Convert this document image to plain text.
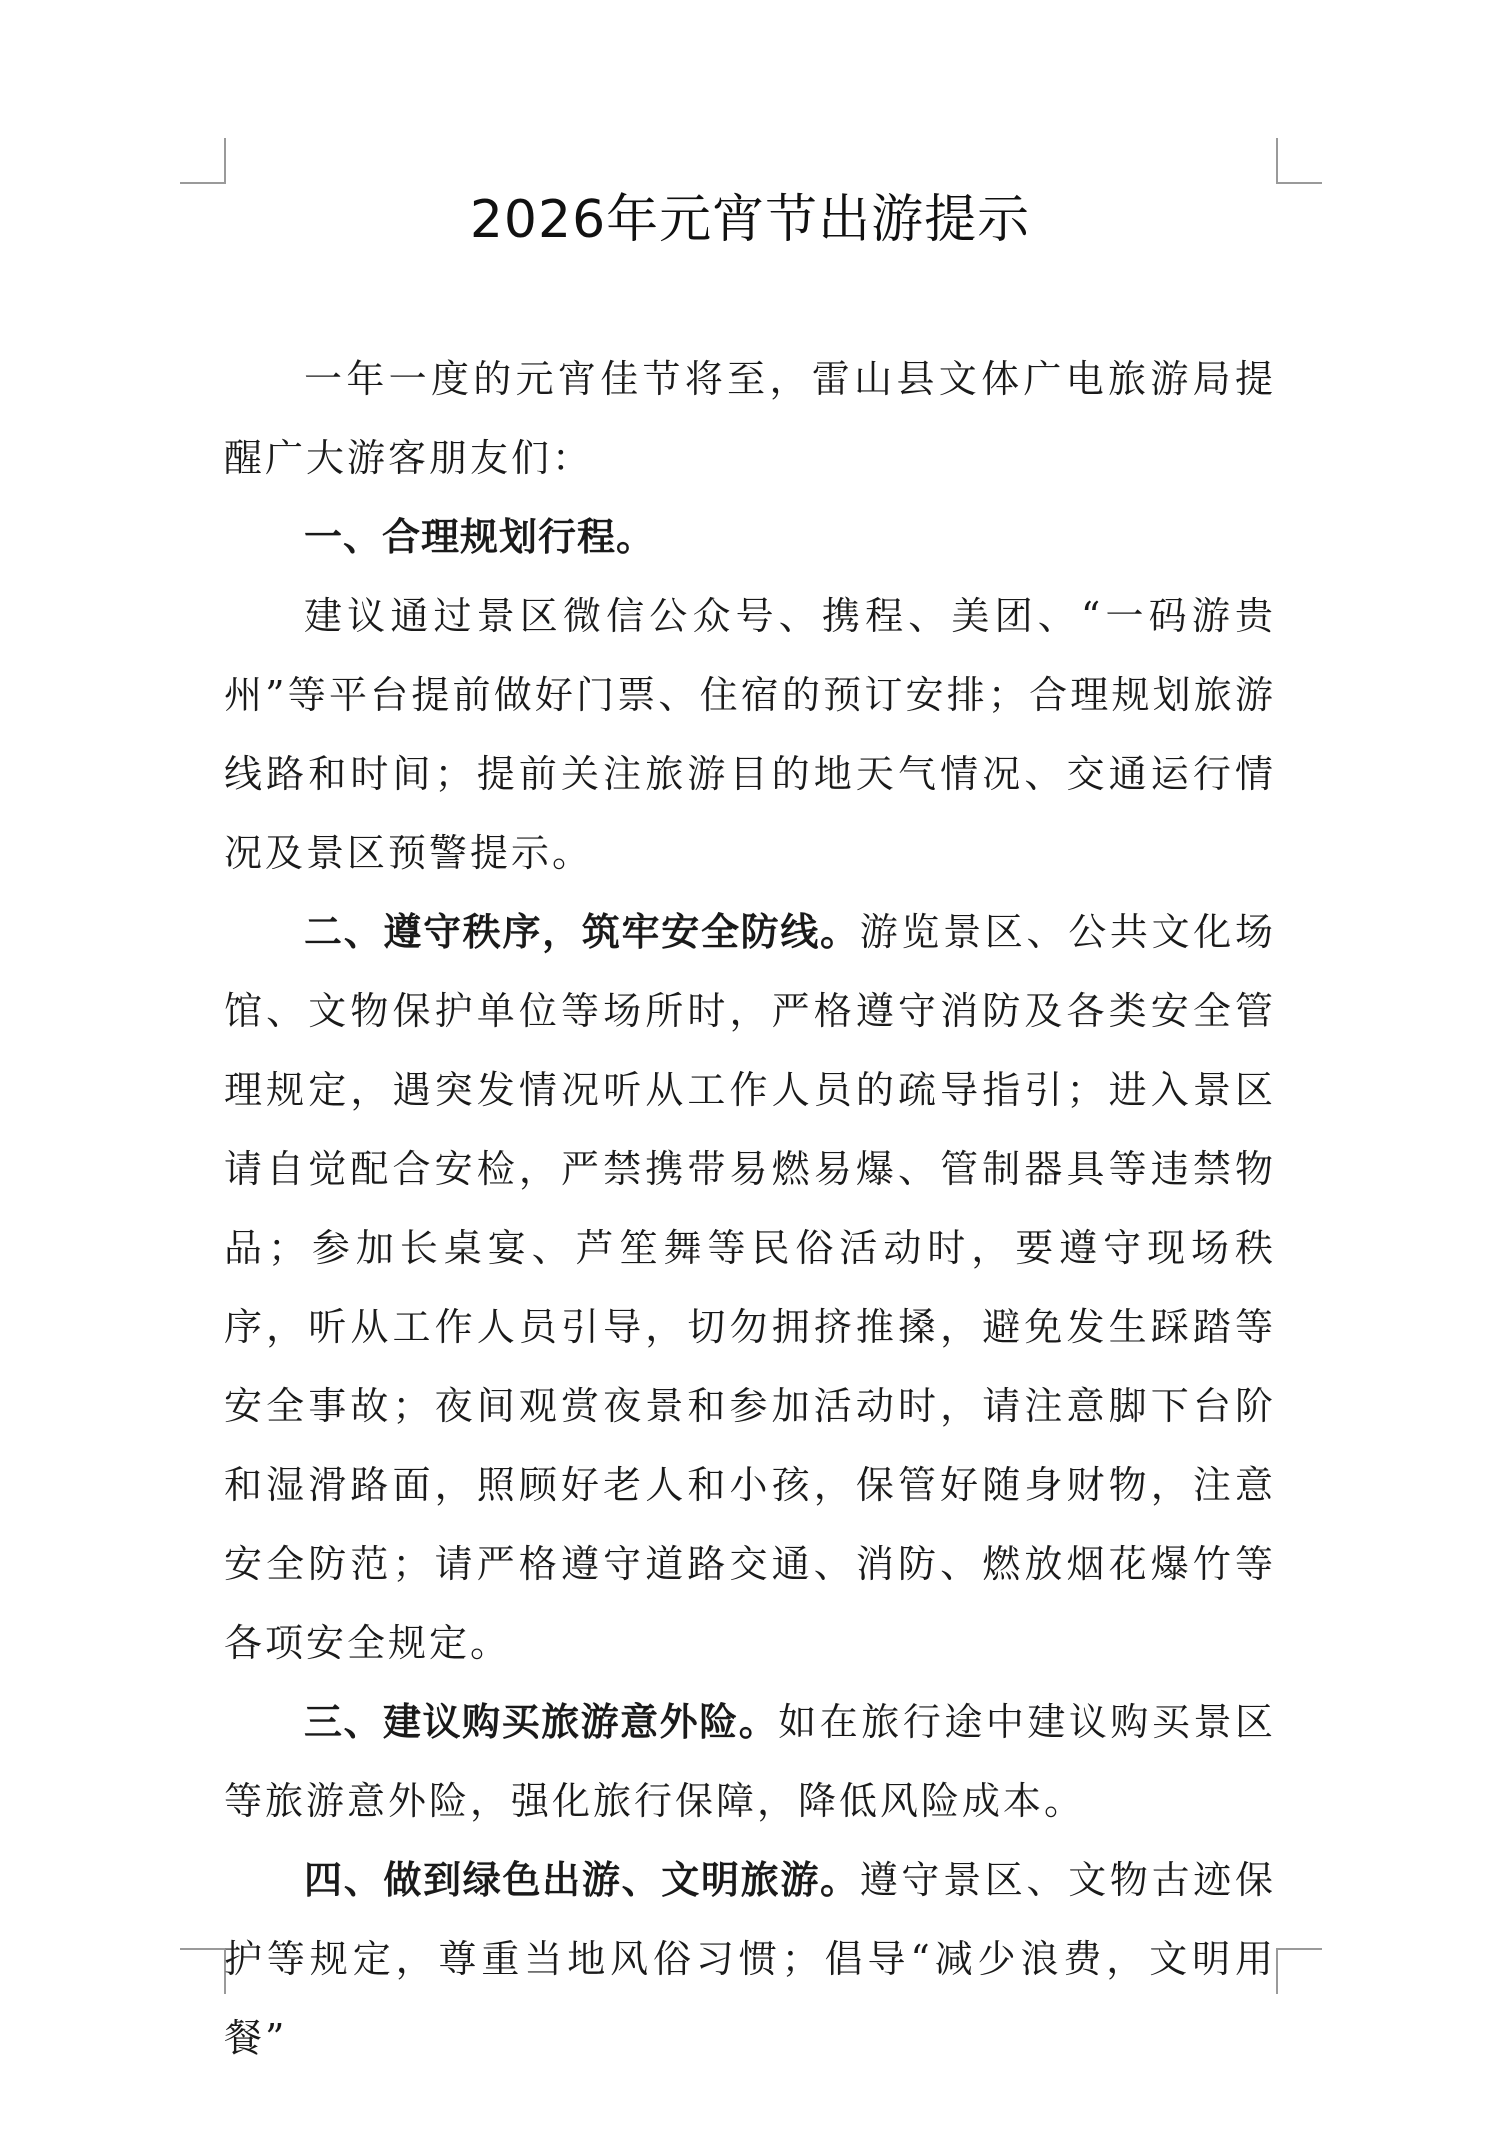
2026年元宵节出游提示

一年一度的元宵佳节将至，雷山县文体广电旅游局提醒广大游客朋友们：

一、合理规划行程。

建议通过景区微信公众号、携程、美团、“一码游贵州”等平台提前做好门票、住宿的预订安排；合理规划旅游线路和时间；提前关注旅游目的地天气情况、交通运行情况及景区预警提示。

二、遵守秩序，筑牢安全防线。游览景区、公共文化场馆、文物保护单位等场所时，严格遵守消防及各类安全管理规定，遇突发情况听从工作人员的疏导指引；进入景区请自觉配合安检，严禁携带易燃易爆、管制器具等违禁物品；参加长桌宴、芦笙舞等民俗活动时，要遵守现场秩序，听从工作人员引导，切勿拥挤推搡，避免发生踩踏等安全事故；夜间观赏夜景和参加活动时，请注意脚下台阶和湿滑路面，照顾好老人和小孩，保管好随身财物，注意安全防范；请严格遵守道路交通、消防、燃放烟花爆竹等各项安全规定。

三、建议购买旅游意外险。如在旅行途中建议购买景区等旅游意外险，强化旅行保障，降低风险成本。

四、做到绿色出游、文明旅游。遵守景区、文物古迹保护等规定，尊重当地风俗习惯；倡导“减少浪费，文明用餐”
